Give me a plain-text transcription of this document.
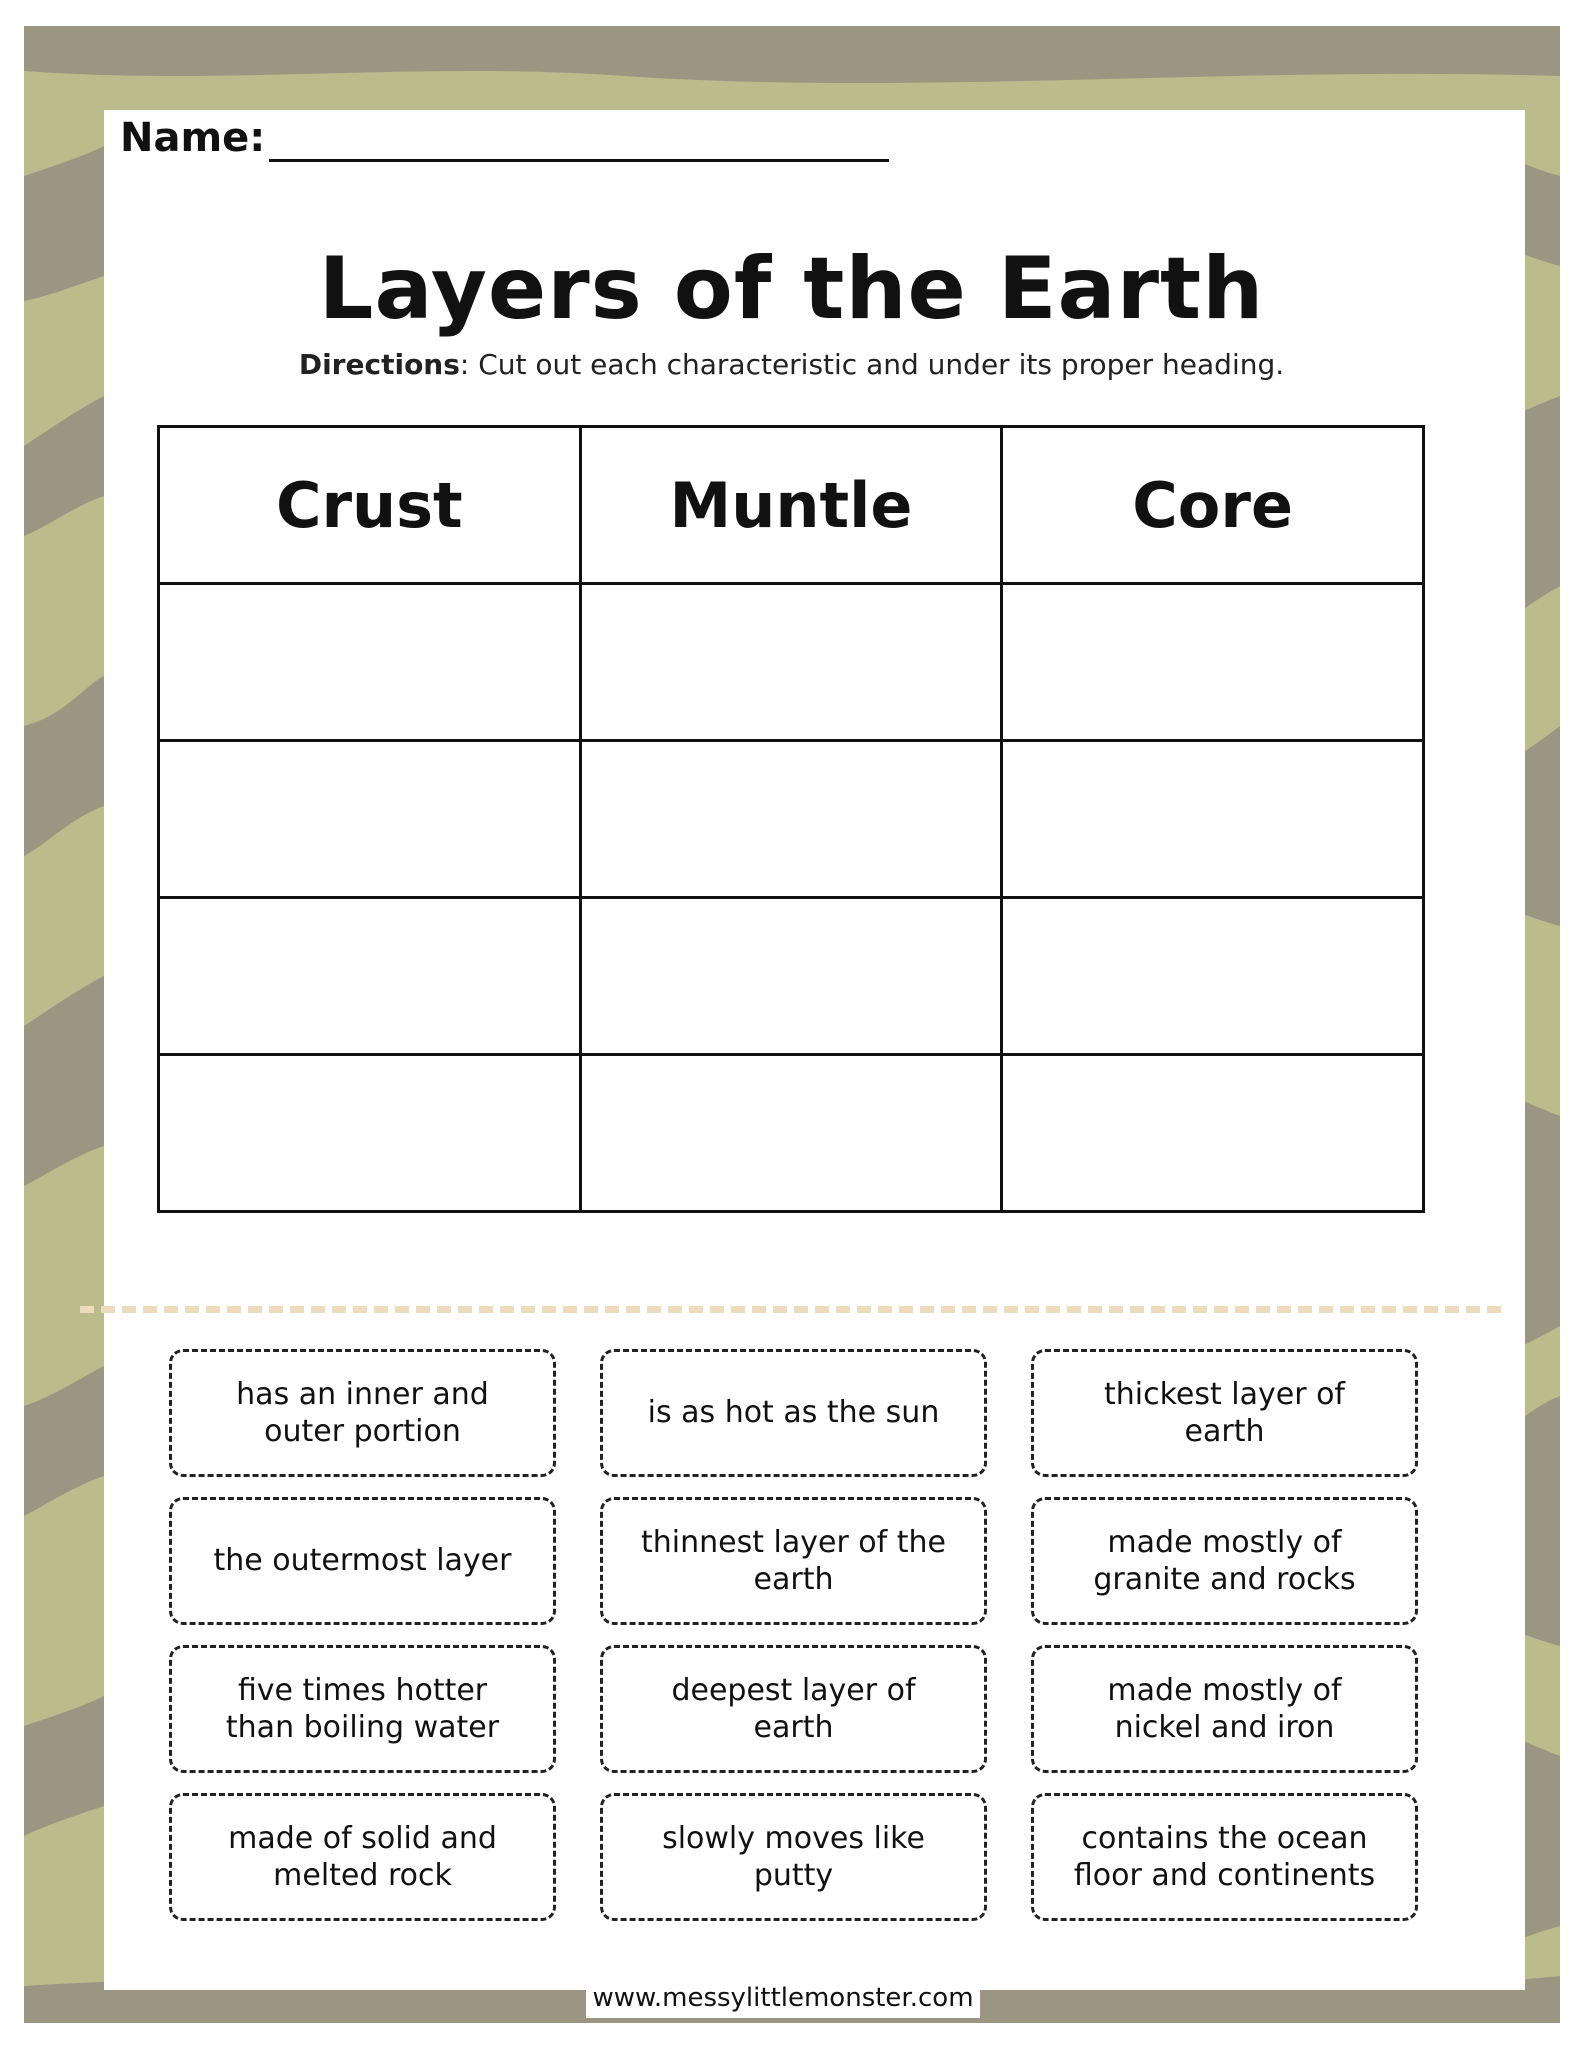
Name:
Layers of the Earth
Directions: Cut out each characteristic and under its proper heading.
Crust	Muntle	Core

has an inner and outer portion
is as hot as the sun
thickest layer of earth
the outermost layer
thinnest layer of the earth
made mostly of granite and rocks
five times hotter than boiling water
deepest layer of earth
made mostly of nickel and iron
made of solid and melted rock
slowly moves like putty
contains the ocean floor and continents
www.messylittlemonster.com
